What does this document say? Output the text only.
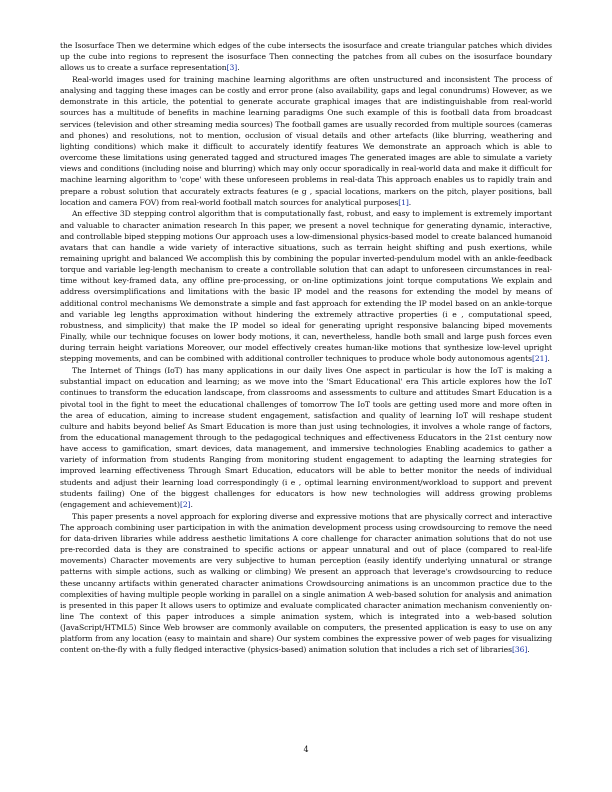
the Isosurface Then we determine which edges of the cube intersects the isosurface and create triangular patches which divides up the cube into regions to represent the isosurface Then connecting the patches from all cubes on the isosurface boundary allows us to create a surface representation[3].

Real-world images used for training machine learning algorithms are often unstructured and inconsistent The process of analysing and tagging these images can be costly and error prone (also availability, gaps and legal conundrums) However, as we demonstrate in this article, the potential to generate accurate graphical images that are indistinguishable from real-world sources has a multitude of benefits in machine learning paradigms One such example of this is football data from broadcast services (television and other streaming media sources) The football games are usually recorded from multiple sources (cameras and phones) and resolutions, not to mention, occlusion of visual details and other artefacts (like blurring, weathering and lighting conditions) which make it difficult to accurately identify features We demonstrate an approach which is able to overcome these limitations using generated tagged and structured images The generated images are able to simulate a variety views and conditions (including noise and blurring) which may only occur sporadically in real-world data and make it difficult for machine learning algorithm to 'cope' with these unforeseen problems in real-data This approach enables us to rapidly train and prepare a robust solution that accurately extracts features (e g , spacial locations, markers on the pitch, player positions, ball location and camera FOV) from real-world football match sources for analytical purposes[1].

An effective 3D stepping control algorithm that is computationally fast, robust, and easy to implement is extremely important and valuable to character animation research In this paper, we present a novel technique for generating dynamic, interactive, and controllable biped stepping motions Our approach uses a low-dimensional physics-based model to create balanced humanoid avatars that can handle a wide variety of interactive situations, such as terrain height shifting and push exertions, while remaining upright and balanced We accomplish this by combining the popular inverted-pendulum model with an ankle-feedback torque and variable leg-length mechanism to create a controllable solution that can adapt to unforeseen circumstances in real-time without key-framed data, any offline pre-processing, or on-line optimizations joint torque computations We explain and address oversimplifications and limitations with the basic IP model and the reasons for extending the model by means of additional control mechanisms We demonstrate a simple and fast approach for extending the IP model based on an ankle-torque and variable leg lengths approximation without hindering the extremely attractive properties (i e , computational speed, robustness, and simplicity) that make the IP model so ideal for generating upright responsive balancing biped movements Finally, while our technique focuses on lower body motions, it can, nevertheless, handle both small and large push forces even during terrain height variations Moreover, our model effectively creates human-like motions that synthesize low-level upright stepping movements, and can be combined with additional controller techniques to produce whole body autonomous agents[21].

The Internet of Things (IoT) has many applications in our daily lives One aspect in particular is how the IoT is making a substantial impact on education and learning; as we move into the 'Smart Educational' era This article explores how the IoT continues to transform the education landscape, from classrooms and assessments to culture and attitudes Smart Education is a pivotal tool in the fight to meet the educational challenges of tomorrow The IoT tools are getting used more and more often in the area of education, aiming to increase student engagement, satisfaction and quality of learning IoT will reshape student culture and habits beyond belief As Smart Education is more than just using technologies, it involves a whole range of factors, from the educational management through to the pedagogical techniques and effectiveness Educators in the 21st century now have access to gamification, smart devices, data management, and immersive technologies Enabling academics to gather a variety of information from students Ranging from monitoring student engagement to adapting the learning strategies for improved learning effectiveness Through Smart Education, educators will be able to better monitor the needs of individual students and adjust their learning load correspondingly (i e , optimal learning environment/workload to support and prevent students failing) One of the biggest challenges for educators is how new technologies will address growing problems (engagement and achievement)[2].

This paper presents a novel approach for exploring diverse and expressive motions that are physically correct and interactive The approach combining user participation in with the animation development process using crowdsourcing to remove the need for data-driven libraries while address aesthetic limitations A core challenge for character animation solutions that do not use pre-recorded data is they are constrained to specific actions or appear unnatural and out of place (compared to real-life movements) Character movements are very subjective to human perception (easily identify underlying unnatural or strange patterns with simple actions, such as walking or climbing) We present an approach that leverage's crowdsourcing to reduce these uncanny artifacts within generated character animations Crowdsourcing animations is an uncommon practice due to the complexities of having multiple people working in parallel on a single animation A web-based solution for analysis and animation is presented in this paper It allows users to optimize and evaluate complicated character animation mechanism conveniently on-line The context of this paper introduces a simple animation system, which is integrated into a web-based solution (JavaScript/HTML5) Since Web browser are commonly available on computers, the presented application is easy to use on any platform from any location (easy to maintain and share) Our system combines the expressive power of web pages for visualizing content on-the-fly with a fully fledged interactive (physics-based) animation solution that includes a rich set of libraries[36].

4
